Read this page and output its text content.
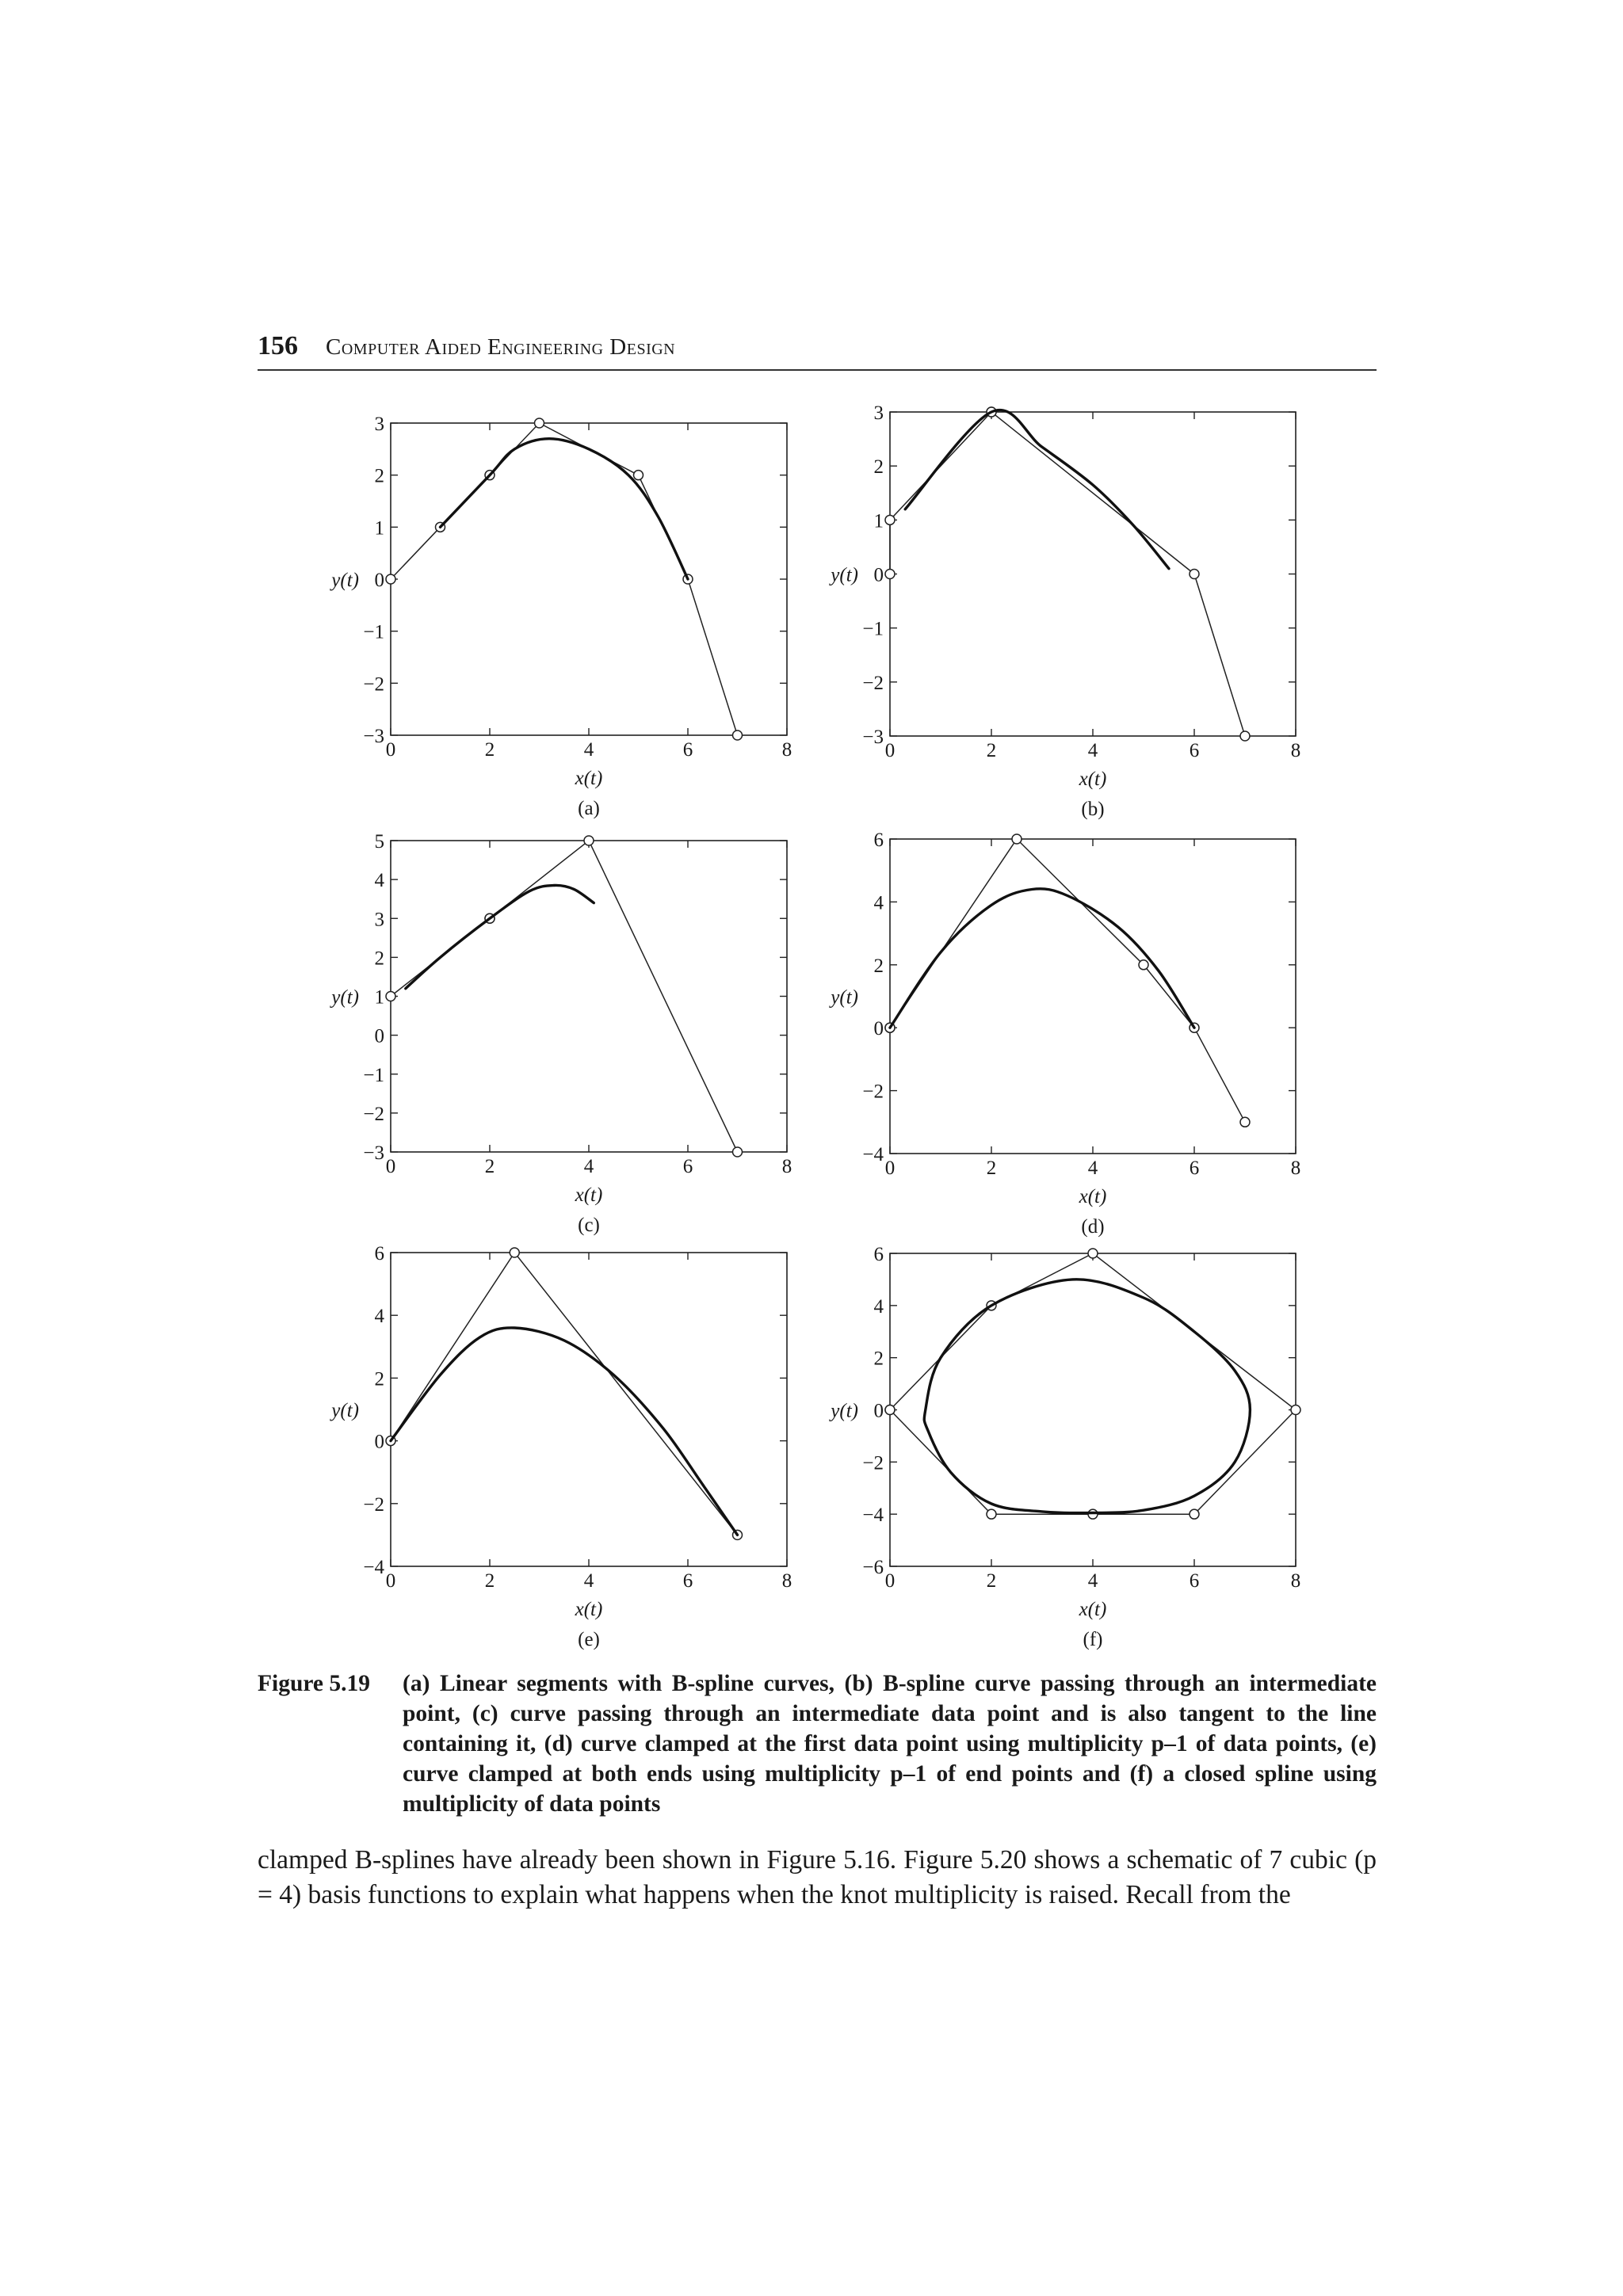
156 Computer Aided Engineering Design
0	2	4	6	8
−3
−2
−1
0
1
2
3
x(t)
y(t)
(a)
0	2	4	6	8
−3
−2
−1
0
1
2
3
x(t)
y(t)
(b)
0	2	4	6	8
−3
−2
−1
0
1
2
3
4
5
x(t)
y(t)
(c)
0	2	4	6	8
−4
−2
0
2
4
6
x(t)
y(t)
(d)
0	2	4	6	8
−4
−2
0
2
4
6
x(t)
y(t)
(e)
0	2	4	6	8
−6
−4
−2
0
2
4
6
x(t)
y(t)
(f)
Figure 5.19 (a) Linear segments with B-spline curves, (b) B-spline curve passing through an intermediate point, (c) curve passing through an intermediate data point and is also tangent to the line containing it, (d) curve clamped at the first data point using multiplicity p–1 of data points, (e) curve clamped at both ends using multiplicity p–1 of end points and (f) a closed spline using multiplicity of data points
clamped B-splines have already been shown in Figure 5.16. Figure 5.20 shows a schematic of 7 cubic (p = 4) basis functions to explain what happens when the knot multiplicity is raised. Recall from the
